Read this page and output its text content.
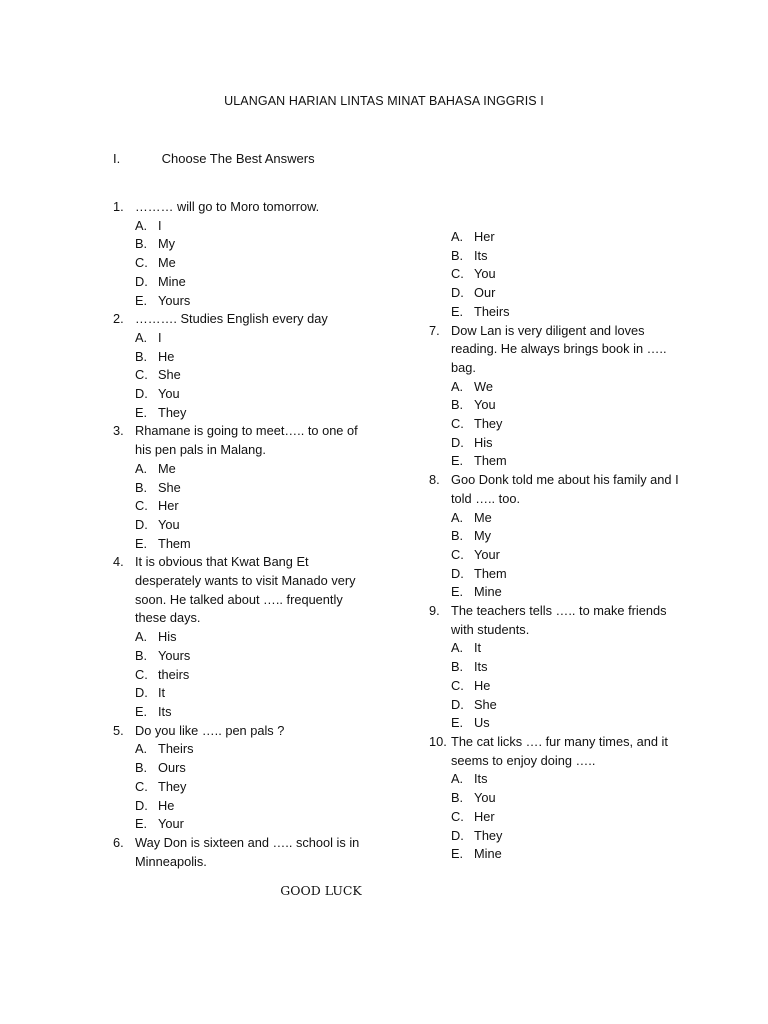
ULANGAN HARIAN LINTAS MINAT BAHASA INGGRIS I
I.	Choose The Best Answers
1. ……… will go to Moro tomorrow.
A. I
B. My
C. Me
D. Mine
E. Yours
2. ………. Studies English every day
A. I
B. He
C. She
D. You
E. They
3. Rhamane is going to meet….. to one of his pen pals in Malang.
A. Me
B. She
C. Her
D. You
E. Them
4. It is obvious that Kwat Bang Et desperately wants to visit Manado very soon. He talked about ….. frequently these days.
A. His
B. Yours
C. theirs
D. It
E. Its
5. Do you like ….. pen pals ?
A. Theirs
B. Ours
C. They
D. He
E. Your
6. Way Don is sixteen and ….. school is in Minneapolis.
A. Her
B. Its
C. You
D. Our
E. Theirs
7. Dow Lan is very diligent and loves reading. He always brings book in ….. bag.
A. We
B. You
C. They
D. His
E. Them
8. Goo Donk told me about his family and I told ….. too.
A. Me
B. My
C. Your
D. Them
E. Mine
9. The teachers tells ….. to make friends with students.
A. It
B. Its
C. He
D. She
E. Us
10. The cat licks …. fur many times, and it seems to enjoy doing …..
A. Its
B. You
C. Her
D. They
E. Mine
GOOD LUCK
